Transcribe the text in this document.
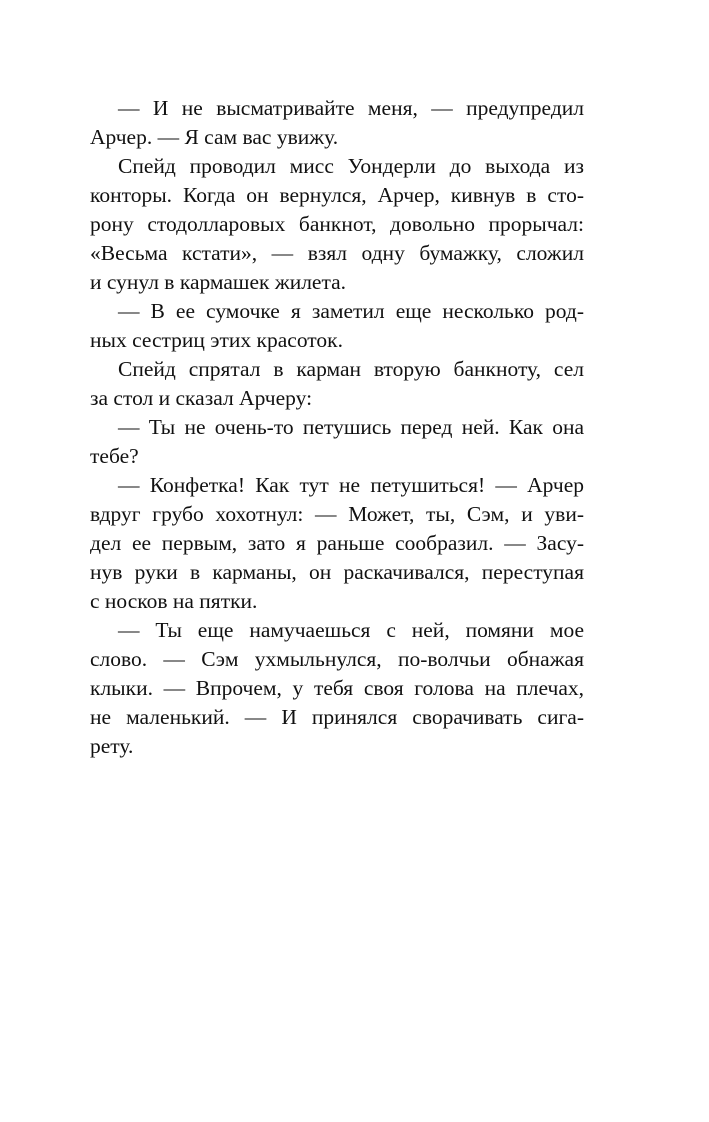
— И не высматривайте меня, — предупредил
Арчер. — Я сам вас увижу.
Спейд проводил мисс Уондерли до выхода из
конторы. Когда он вернулся, Арчер, кивнув в сто-
рону стодолларовых банкнот, довольно прорычал:
«Весьма кстати», — взял одну бумажку, сложил
и сунул в кармашек жилета.
— В ее сумочке я заметил еще несколько род-
ных сестриц этих красоток.
Спейд спрятал в карман вторую банкноту, сел
за стол и сказал Арчеру:
— Ты не очень-то петушись перед ней. Как она
тебе?
— Конфетка! Как тут не петушиться! — Арчер
вдруг грубо хохотнул: — Может, ты, Сэм, и уви-
дел ее первым, зато я раньше сообразил. — Засу-
нув руки в карманы, он раскачивался, переступая
с носков на пятки.
— Ты еще намучаешься с ней, помяни мое
слово. — Сэм ухмыльнулся, по-волчьи обнажая
клыки. — Впрочем, у тебя своя голова на плечах,
не маленький. — И принялся сворачивать сига-
рету.
